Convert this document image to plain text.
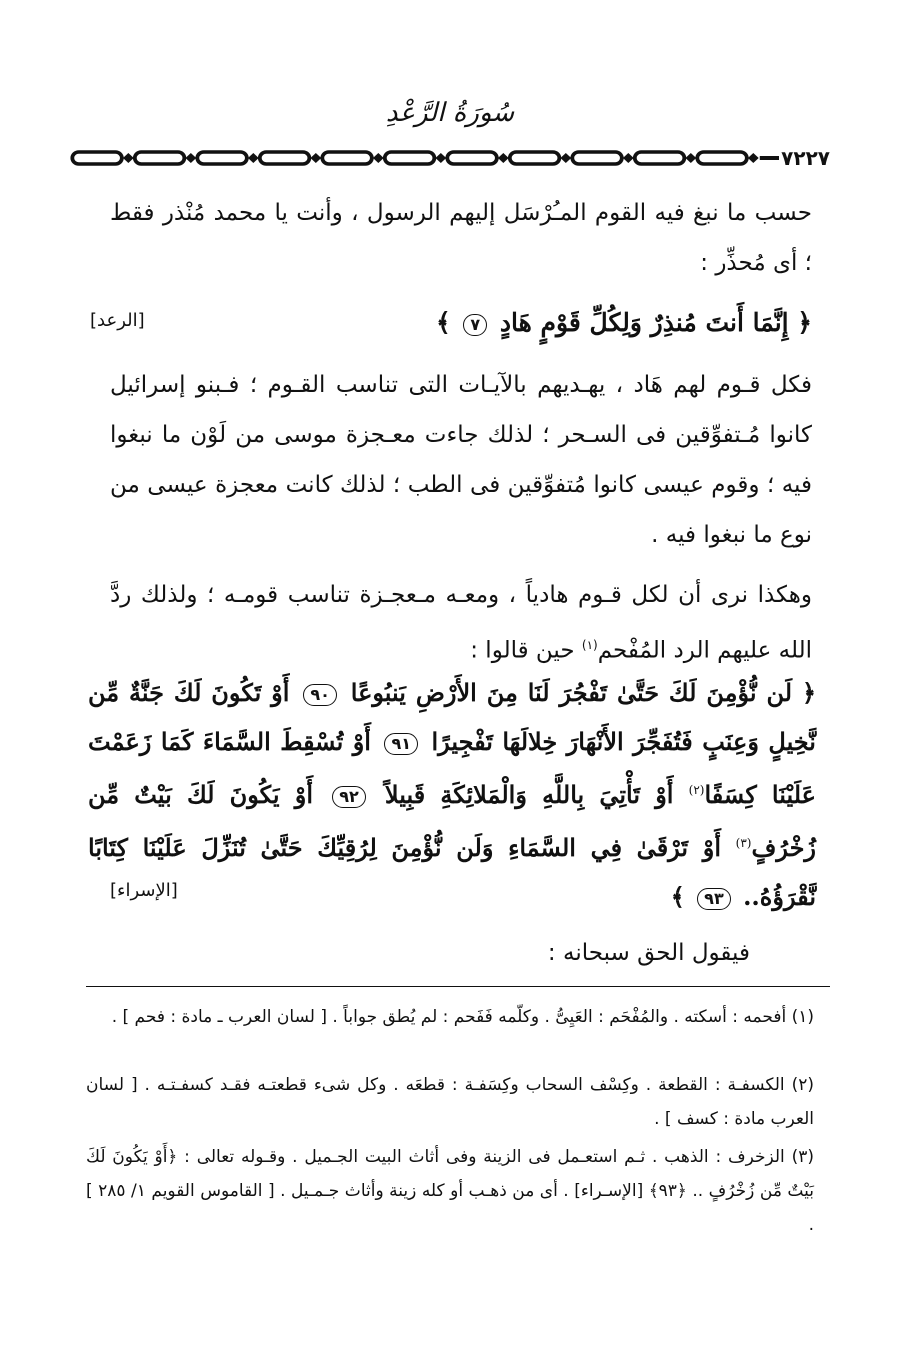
سُورَةُ الرَّعْدِ
٧٢٢٧
حسب ما نبغ فيه القوم المـُرْسَل إليهم الرسول ، وأنت يا محمد مُنْذر فقط ؛ أى مُحذِّر :
﴿ إِنَّمَا أَنتَ مُنذِرٌ وَلِكُلِّ قَوْمٍ هَادٍ ٧ ﴾
[الرعد]
فكل قـوم لهم هَاد ، يهـديهم بالآيـات التى تناسب القـوم ؛ فـبنو إسرائيل كانوا مُـتفوِّقين فى السـحر ؛ لذلك جاءت معـجزة موسى من لَوْن ما نبغوا فيه ؛ وقوم عيسى كانوا مُتفوِّقين فى الطب ؛ لذلك كانت معجزة عيسى من نوع ما نبغوا فيه .
وهكذا نرى أن لكل قـوم هادياً ، ومعـه مـعجـزة تناسب قومـه ؛ ولذلك ردَّ الله عليهم الرد المُفْحم$^{(١)}$ حين قالوا :
﴿ لَن نُّؤْمِنَ لَكَ حَتَّىٰ تَفْجُرَ لَنَا مِنَ الأَرْضِ يَنبُوعًا ٩٠ أَوْ تَكُونَ لَكَ جَنَّةٌ مِّن نَّخِيلٍ وَعِنَبٍ فَتُفَجِّرَ الأَنْهَارَ خِلالَهَا تَفْجِيرًا ٩١ أَوْ تُسْقِطَ السَّمَاءَ كَمَا زَعَمْتَ عَلَيْنَا كِسَفًا$^{(٢)}$ أَوْ تَأْتِيَ بِاللَّهِ وَالْمَلائِكَةِ قَبِيلاً ٩٢ أَوْ يَكُونَ لَكَ بَيْتٌ مِّن زُخْرُفٍ$^{(٣)}$ أَوْ تَرْقَىٰ فِي السَّمَاءِ وَلَن نُّؤْمِنَ لِرُقِيِّكَ حَتَّىٰ تُنَزِّلَ عَلَيْنَا كِتَابًا نَّقْرَؤُهُ.. ٩٣ ﴾
[الإسراء]
فيقول الحق سبحانه :
(١) أفحمه : أسكته . والمُفْحَم : العَيِىُّ . وكلّمه فَفَحم : لم يُطق جواباً . [ لسان العرب ـ مادة : فحم ] .
(٢) الكسفـة : القطعة . وكِسْف السحاب وكِسَفـة : قطعَه . وكل شىء قطعتـه فقـد كسفـتـه . [ لسان العرب مادة : كسف ] .
(٣) الزخرف : الذهب . ثـم استعـمل فى الزينة وفى أثاث البيت الجـميل . وقـوله تعالى : ﴿أَوْ يَكُونَ لَكَ بَيْتٌ مِّن زُخْرُفٍ .. ﴿٩٣﴾ [الإسـراء] . أى من ذهـب أو كله زينة وأثاث جـمـيل . [ القاموس القويم ١/ ٢٨٥ ] .
